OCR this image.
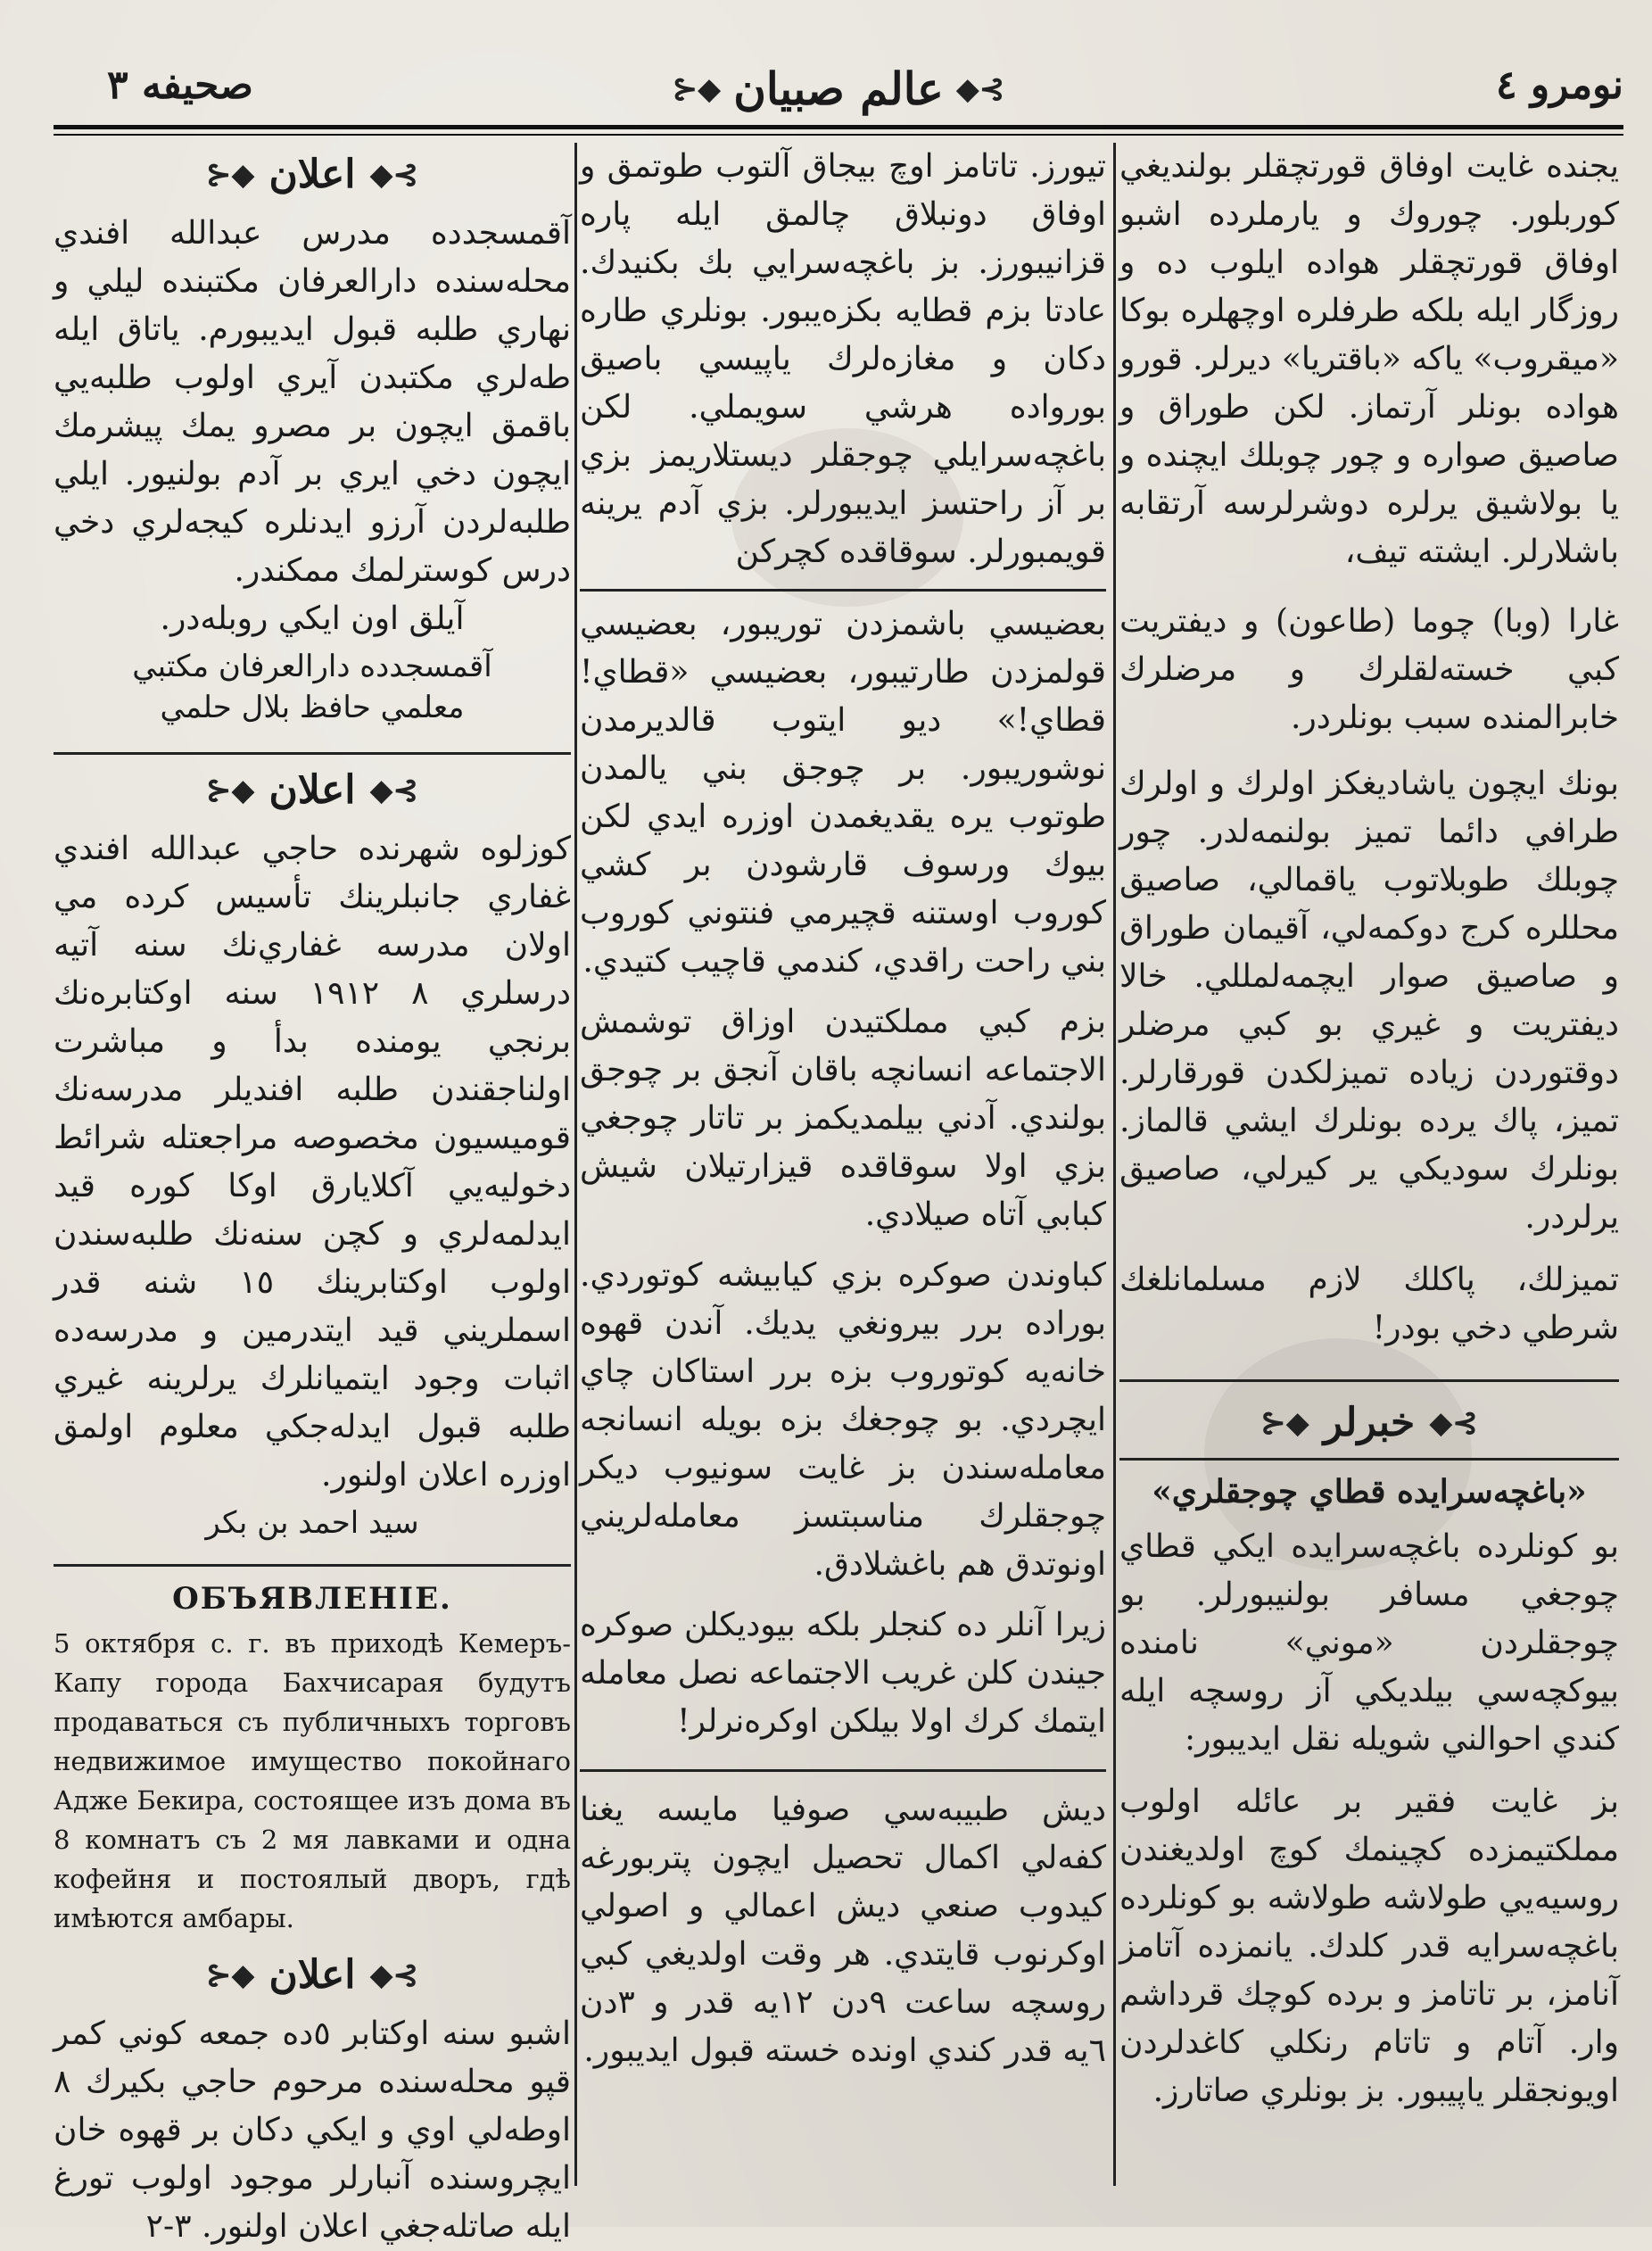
نومرو ٤
⊱◆
عالم صبيان
◆⊰
صحيفه ٣

يجنده غايت اوفاق قورتچقلر بولنديغي كوربلور. چوروك و يارملرده اشبو اوفاق قورتچقلر هواده ايلوب ده و روزگار ايله بلكه طرفلره اوچهلره بوكا «ميقروب» ياكه «باقتريا» ديرلر. قورو هواده بونلر آرتماز. لكن طوراق و صاصيق صواره و چور چوبلك ايچنده و يا بولاشيق يرلره دوشرلرسه آرتقابه باشلارلر. ايشته تيف،

غارا (وبا) چوما (طاعون) و ديفتريت كبي خسته‌لقلرك و مرضلرك خابرالمنده سبب بونلردر.

بونك ايچون ياشاديغكز اولرك و اولرك طرافي دائما تميز بولنمه‌لدر. چور چوبلك طوبلاتوب ياقمالي، صاصيق محللره كرج دوكمه‌لي، آقيمان طوراق و صاصيق صوار ايچمه‌لمللي. خالا ديفتريت و غيري بو كبي مرضلر دوقتوردن زياده تميزلكدن قورقارلر. تميز، پاك يرده بونلرك ايشي قالماز. بونلرك سوديكي ير كيرلي، صاصيق يرلردر.

تميزلك، پاكلك لازم مسلمانلغك شرطي دخي بودر!

⊱◆
خبرلر
◆⊰
«باغچه‌سرايده قطاي چوجقلري»

بو كونلرده باغچه‌سرايده ايكي قطاي چوجغي مسافر بولنيبورلر. بو چوجقلردن «موني» نامنده بيوكچه‌سي بيلديكي آز روسچه ايله كندي احوالني شويله نقل ايديبور:

بز غايت فقير بر عائله اولوب مملكتيمزده كچينمك كوچ اولديغندن روسيه‌يي طولاشه طولاشه بو كونلرده باغچه‌سرايه قدر كلدك. يانمزده آتامز آنامز، بر تاتامز و برده كوچك قرداشم وار. آتام و تاتام رنكلي كاغدلردن اويونجقلر ياپيبور. بز بونلري صاتارز.

تيورز. تاتامز اوچ بيجاق آلتوب طوتمق و اوفاق دونبلاق چالمق ايله پاره قزانيبورز. بز باغچه‌سرايي بك بكنيدك. عادتا بزم قطايه بكزه‌يبور. بونلري طاره دكان و مغازه‌لرك ياپيسي باصيق بورواده هرشي سويملي. لكن باغچه‌سرايلي چوجقلر ديستلاريمز بزي بر آز راحتسز ايديبورلر. بزي آدم يرينه قويمبورلر. سوقاقده كچركن

بعضيسي باشمزدن توريبور، بعضيسي قولمزدن طارتيبور، بعضيسي «قطاي! قطاي!» ديو ايتوب قالديرمدن نوشوريبور. بر چوجق بني يالمدن طوتوب يره يقديغمدن اوزره ايدي لكن بيوك ورسوف قارشودن بر كشي كوروب اوستنه قچيرمي فنتوني كوروب بني راحت راقدي، كندمي قاچيب كتيدي.

بزم كبي مملكتيدن اوزاق توشمش الاجتماعه انسانچه باقان آنجق بر چوجق بولندي. آدني بيلمديكمز بر تاتار چوجغي بزي اولا سوقاقده قيزارتيلان شيش كبابي آتاه صيلادي.

كباوندن صوكره بزي كيابيشه كوتوردي. بوراده برر بيرونغي يديك. آندن قهوه خانه‌يه كوتوروب بزه برر استاكان چاي ايچردي. بو چوجغك بزه بويله انسانجه معامله‌سندن بز غايت سونيوب ديكر چوجقلرك مناسبتسز معامله‌لريني اونوتدق هم باغشلادق.

زيرا آنلر ده كنجلر بلكه بيوديكلن صوكره جيندن كلن غريب الاجتماعه نصل معامله ايتمك كرك اولا بيلكن اوكره‌نرلر!

ديش طبيبه‌سي صوفيا مايسه يغنا كفه‌لي اكمال تحصيل ايچون پتربورغه كيدوب صنعي ديش اعمالي و اصولي اوكرنوب قايتدي. هر وقت اولديغي كبي روسچه ساعت ٩دن ١٢يه قدر و ٣دن ٦يه قدر كندي اونده خسته قبول ايديبور.

⊱◆
اعلان
◆⊰

آقمسجدده مدرس عبدالله افندي محله‌سنده دارالعرفان مكتبنده ليلي و نهاري طلبه قبول ايديبورم. ياتاق ايله طه‌لري مكتبدن آيري اولوب طلبه‌يي باقمق ايچون بر مصرو يمك پيشرمك ايچون دخي ايري بر آدم بولنيور. ايلي طلبه‌لردن آرزو ايدنلره كيجه‌لري دخي درس كوسترلمك ممكندر.

آيلق اون ايكي روبله‌در.

آقمسجدده دارالعرفان مكتبي
معلمي حافظ بلال حلمي
⊱◆
اعلان
◆⊰

كوزلوه شهرنده حاجي عبدالله افندي غفاري جانبلرينك تأسيس كرده مي اولان مدرسه غفاري‌نك سنه آتيه درسلري ٨ ١٩١٢ سنه اوكتابره‌نك برنجي يومنده بدأ و مباشرت اولناجقندن طلبه افنديلر مدرسه‌نك قوميسيون مخصوصه مراجعتله شرائط دخوليه‌يي آكلايارق اوكا كوره قيد ايدلمه‌لري و كچن سنه‌نك طلبه‌سندن اولوب اوكتابرينك ١٥ شنه قدر اسملريني قيد ايتدرمين و مدرسه‌ده اثبات وجود ايتميانلرك يرلرينه غيري طلبه قبول ايدله‌جكي معلوم اولمق اوزره اعلان اولنور.

سيد احمد بن بكر
ОБЪЯВЛЕНІЕ.

5 октября с. г. въ приходѣ Кемеръ-Капу города Бахчисарая будутъ продаваться съ публичныхъ торговъ недвижимое имущество покойнаго Адже Бекира, состоящее изъ дома въ 8 комнатъ съ 2 мя лавками и одна кофейня и постоялый дворъ, гдѣ имѣются амбары.

⊱◆
اعلان
◆⊰

اشبو سنه اوكتابر ٥ده جمعه كوني كمر قپو محله‌سنده مرحوم حاجي بكيرك ٨ اوطه‌لي اوي و ايكي دكان بر قهوه خان ايچروسنده آنبارلر موجود اولوب تورغ ايله صاتله‌جغي اعلان اولنور. ٣-٢
